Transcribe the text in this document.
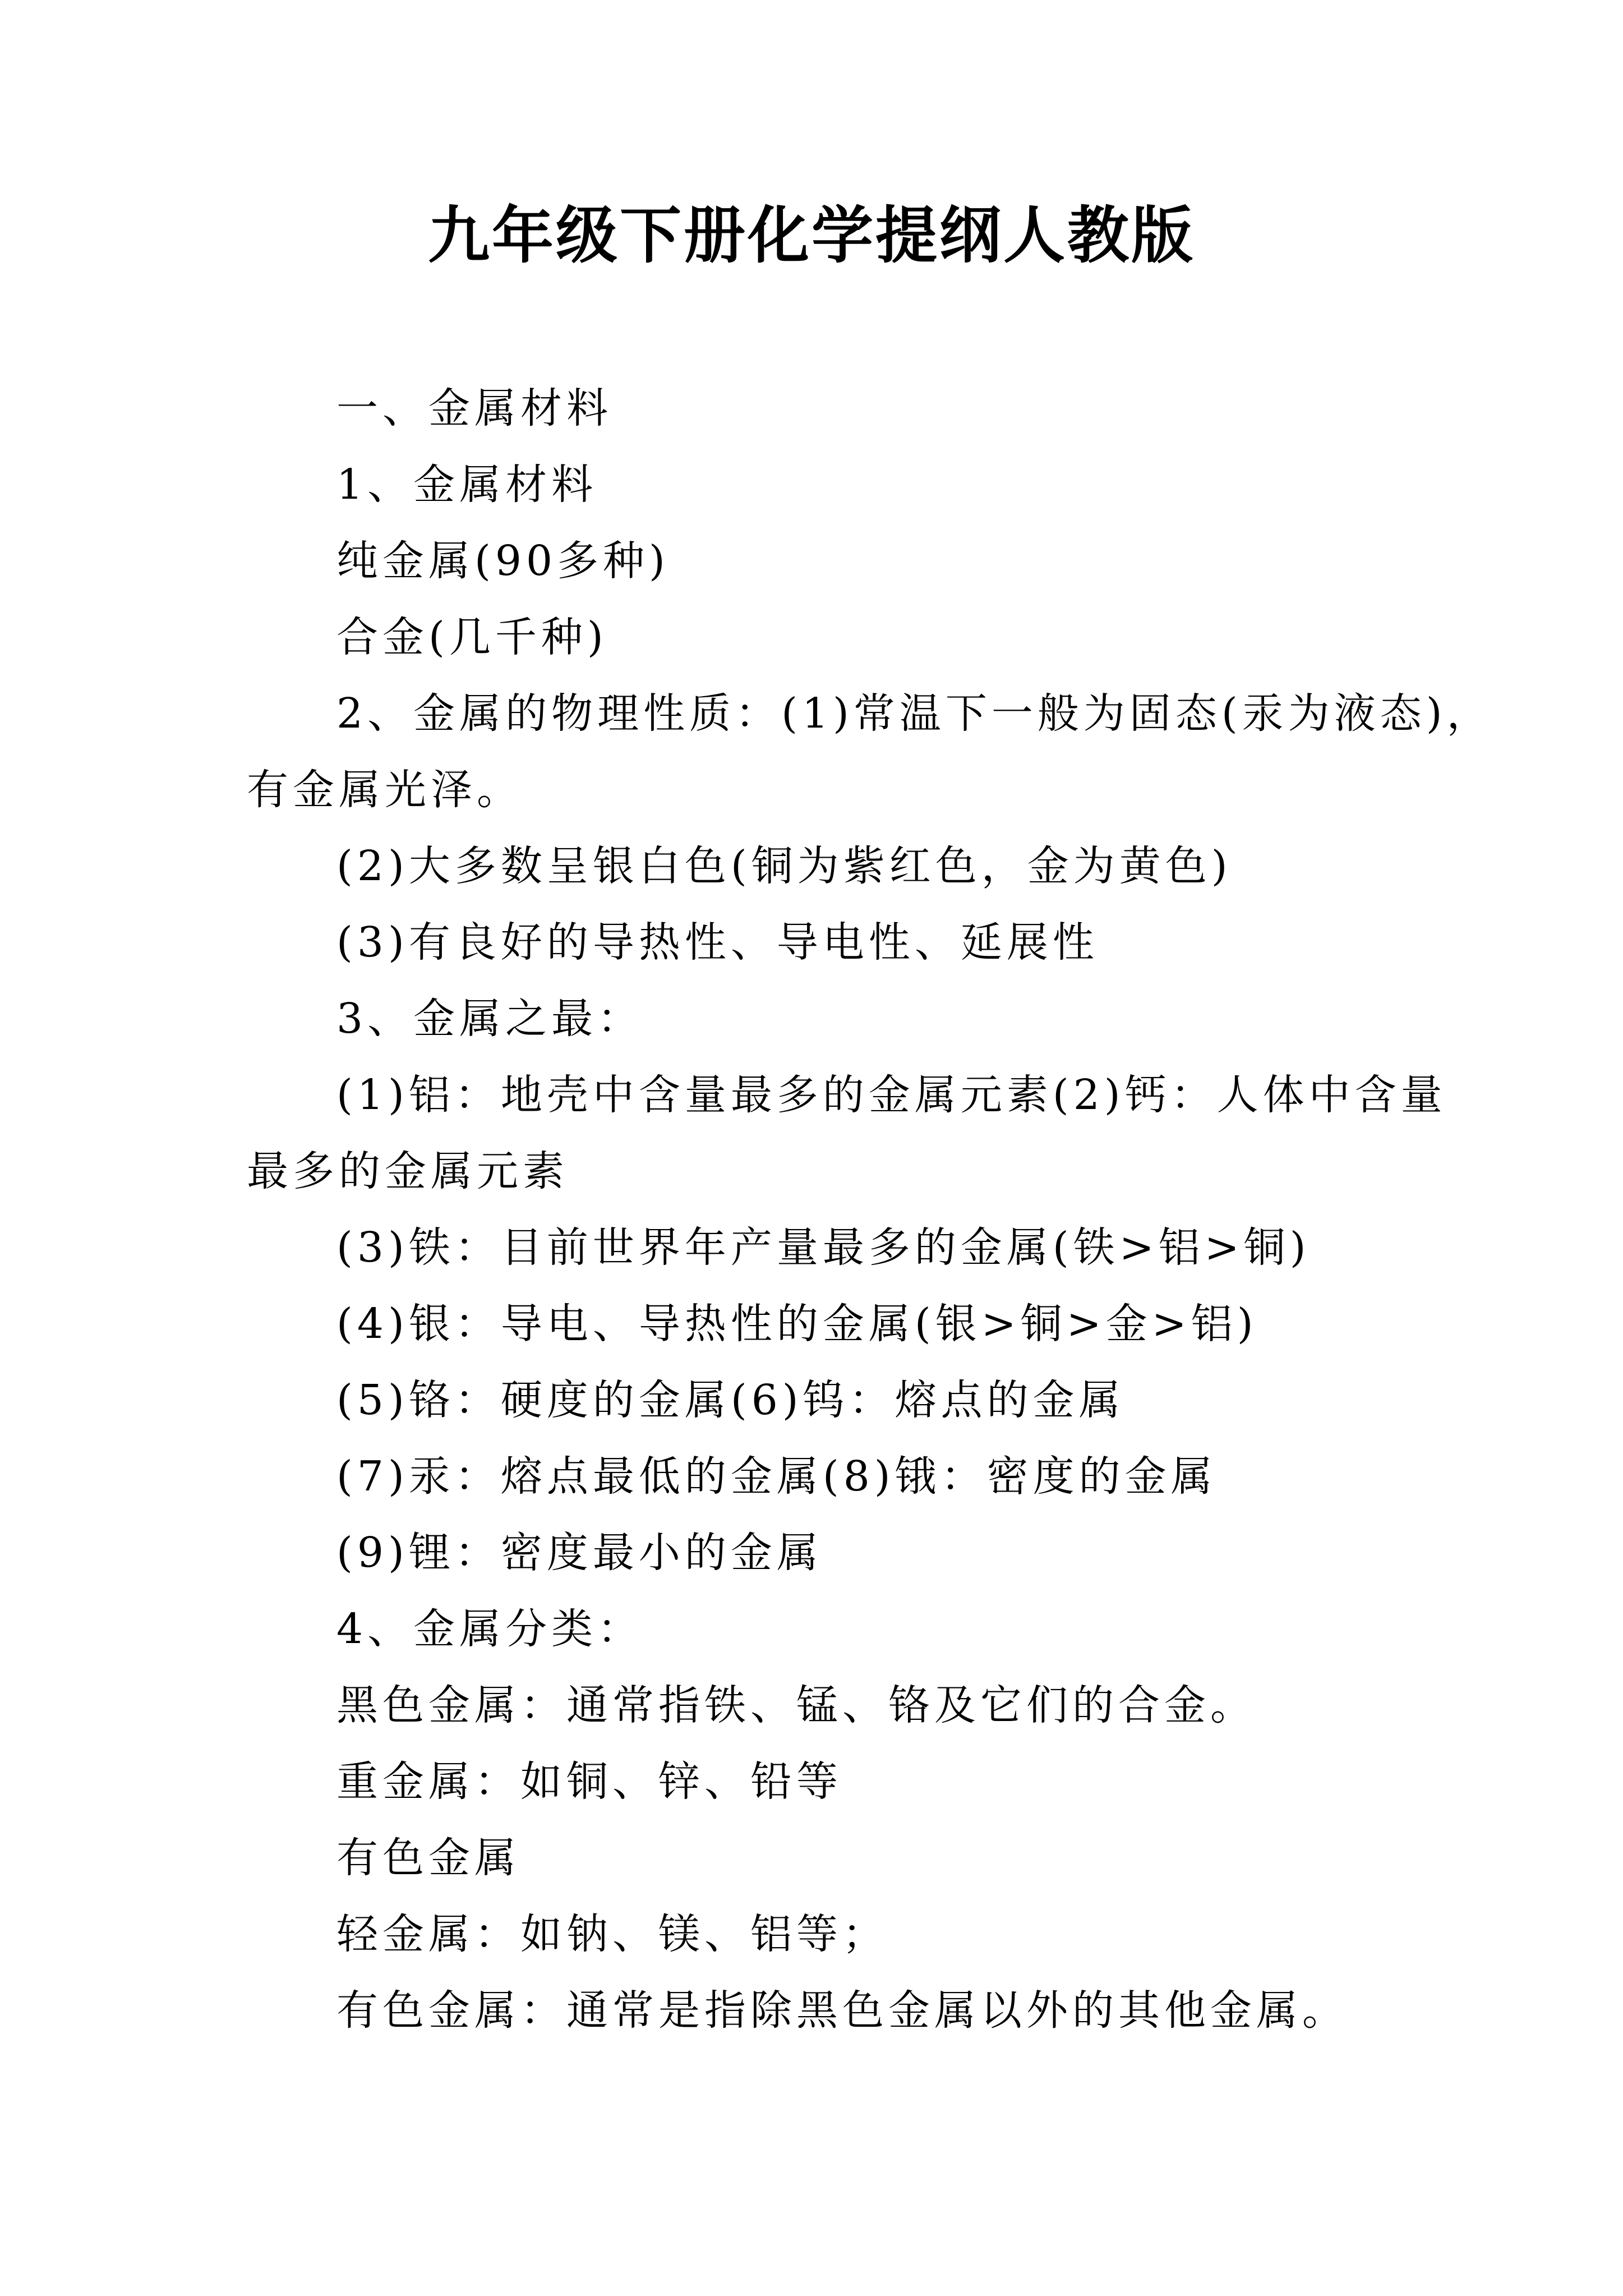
九年级下册化学提纲人教版

一、金属材料

1、金属材料

纯金属(90多种)

合金(几千种)

2、金属的物理性质：(1)常温下一般为固态(汞为液态)，

有金属光泽。

(2)大多数呈银白色(铜为紫红色，金为黄色)

(3)有良好的导热性、导电性、延展性

3、金属之最：

(1)铝：地壳中含量最多的金属元素(2)钙：人体中含量

最多的金属元素

(3)铁：目前世界年产量最多的金属(铁>铝>铜)

(4)银：导电、导热性的金属(银>铜>金>铝)

(5)铬：硬度的金属(6)钨：熔点的金属

(7)汞：熔点最低的金属(8)锇：密度的金属

(9)锂：密度最小的金属

4、金属分类：

黑色金属：通常指铁、锰、铬及它们的合金。

重金属：如铜、锌、铅等

有色金属

轻金属：如钠、镁、铝等；

有色金属：通常是指除黑色金属以外的其他金属。
